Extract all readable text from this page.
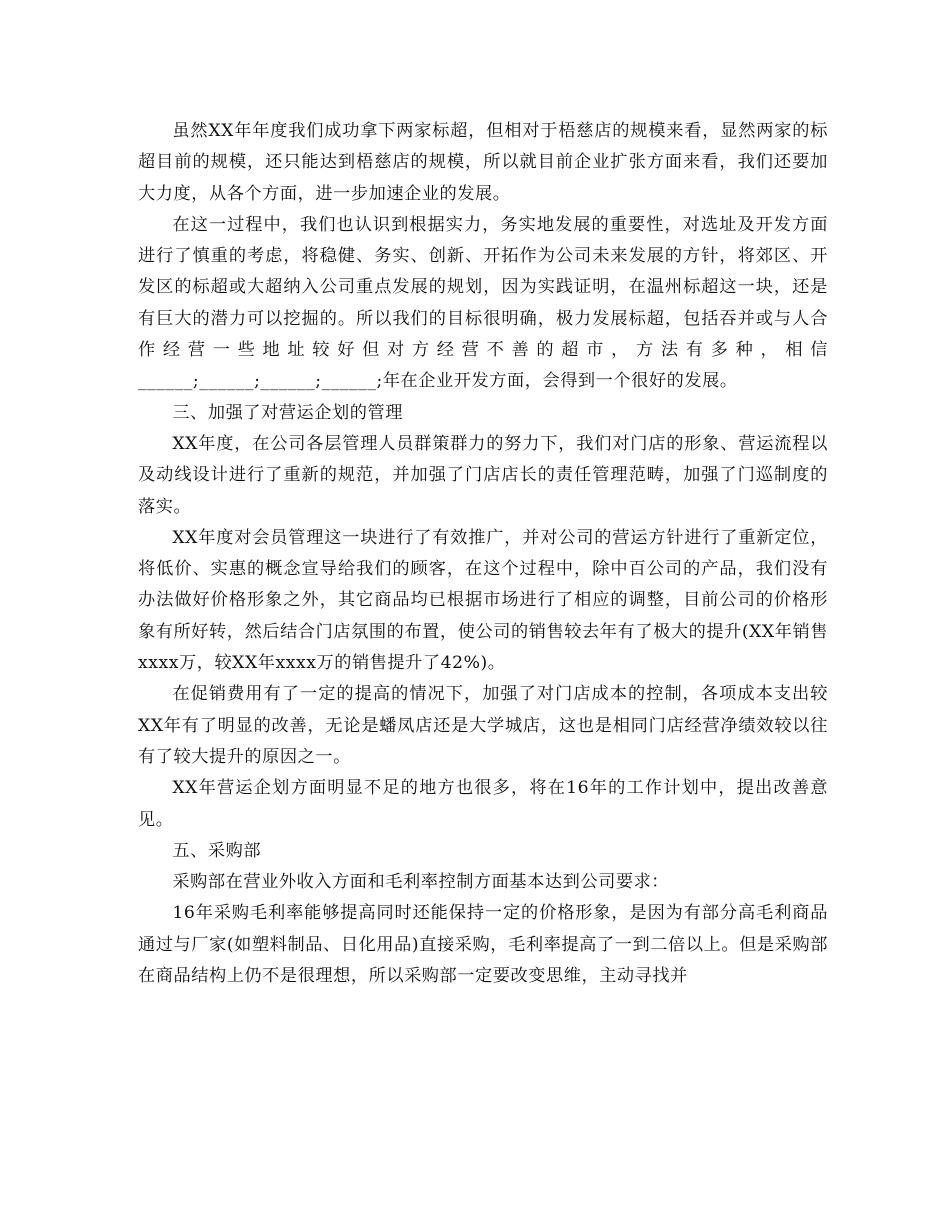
虽然XX年年度我们成功拿下两家标超，但相对于梧慈店的规模来看，显然两家的标超目前的规模，还只能达到梧慈店的规模，所以就目前企业扩张方面来看，我们还要加大力度，从各个方面，进一步加速企业的发展。

在这一过程中，我们也认识到根据实力，务实地发展的重要性，对选址及开发方面进行了慎重的考虑，将稳健、务实、创新、开拓作为公司未来发展的方针，将郊区、开发区的标超或大超纳入公司重点发展的规划，因为实践证明，在温州标超这一块，还是有巨大的潜力可以挖掘的。所以我们的目标很明确，极力发展标超，包括吞并或与人合作经营一些地址较好但对方经营不善的超市，方法有多种，相信______;______;______;______;年在企业开发方面，会得到一个很好的发展。

三、加强了对营运企划的管理

XX年度，在公司各层管理人员群策群力的努力下，我们对门店的形象、营运流程以及动线设计进行了重新的规范，并加强了门店店长的责任管理范畴，加强了门巡制度的落实。

XX年度对会员管理这一块进行了有效推广，并对公司的营运方针进行了重新定位，将低价、实惠的概念宣导给我们的顾客，在这个过程中，除中百公司的产品，我们没有办法做好价格形象之外，其它商品均已根据市场进行了相应的调整，目前公司的价格形象有所好转，然后结合门店氛围的布置，使公司的销售较去年有了极大的提升(XX年销售xxxx万，较XX年xxxx万的销售提升了42%)。

在促销费用有了一定的提高的情况下，加强了对门店成本的控制，各项成本支出较XX年有了明显的改善，无论是蟠凤店还是大学城店，这也是相同门店经营净绩效较以往有了较大提升的原因之一。

XX年营运企划方面明显不足的地方也很多，将在16年的工作计划中，提出改善意见。

五、采购部

采购部在营业外收入方面和毛利率控制方面基本达到公司要求：

16年采购毛利率能够提高同时还能保持一定的价格形象，是因为有部分高毛利商品通过与厂家(如塑料制品、日化用品)直接采购，毛利率提高了一到二倍以上。但是采购部在商品结构上仍不是很理想，所以采购部一定要改变思维，主动寻找并
